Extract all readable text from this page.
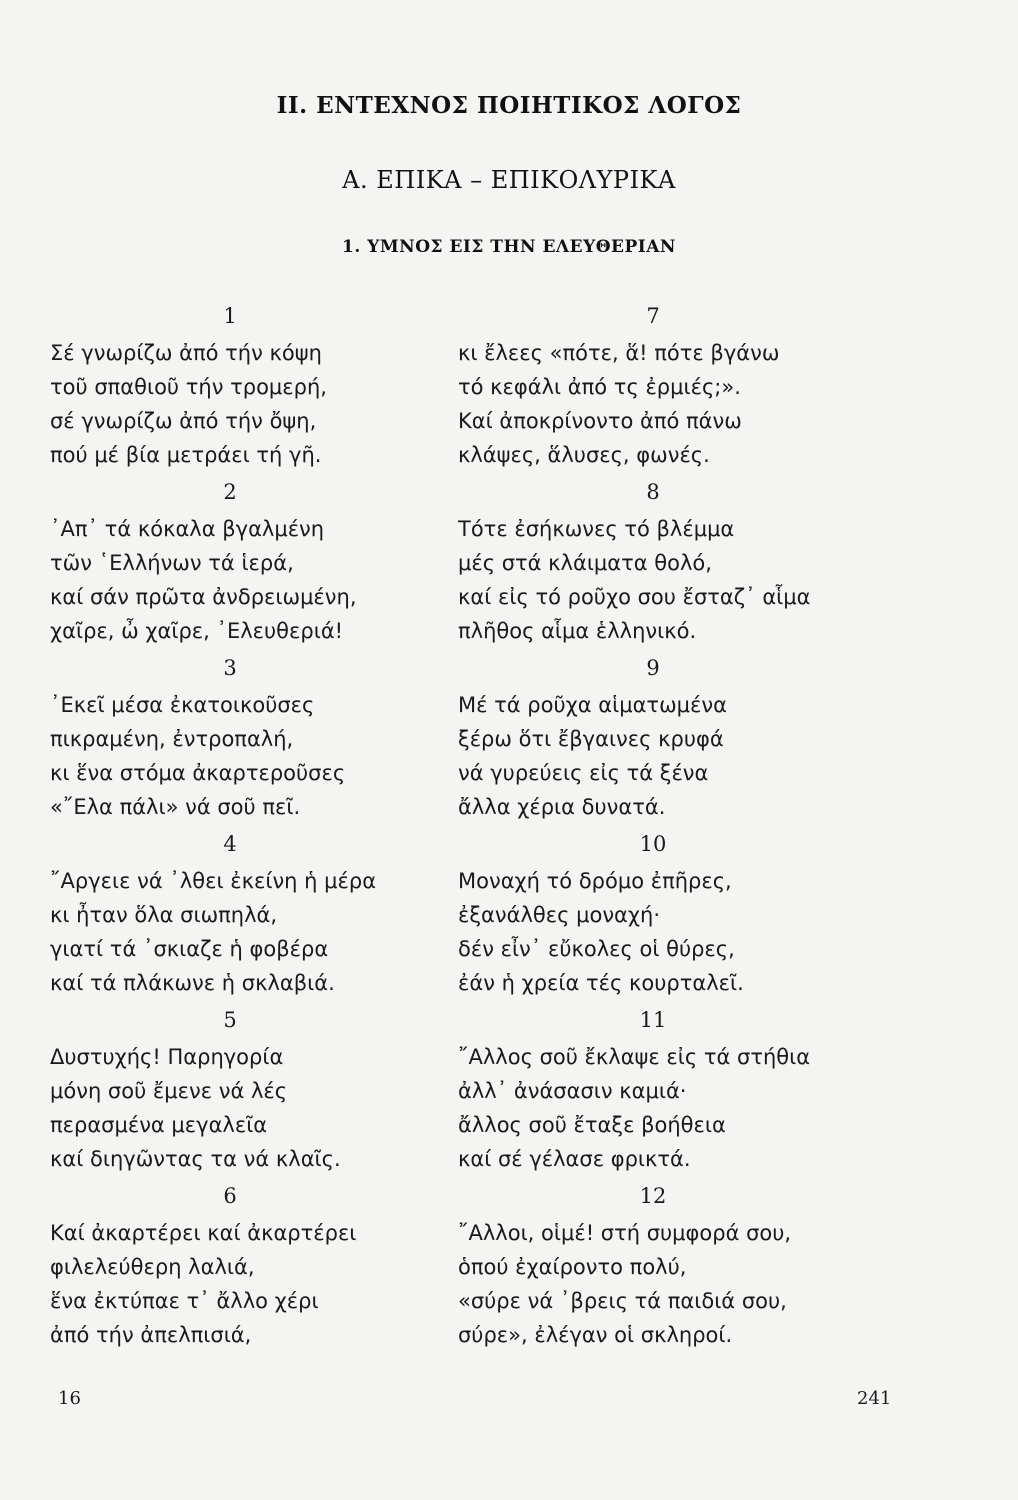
II. ΕΝΤΕΧΝΟΣ ΠΟΙΗΤΙΚΟΣ ΛΟΓΟΣ
Α. ΕΠΙΚΑ – ΕΠΙΚΟΛΥΡΙΚΑ
1. ΥΜΝΟΣ ΕΙΣ ΤΗΝ ΕΛΕΥΘΕΡΙΑΝ
1
Σέ γνωρίζω ἀπό τήν κόψη
τοῦ σπαθιοῦ τήν τρομερή,
σέ γνωρίζω ἀπό τήν ὄψη,
πού μέ βία μετράει τή γῆ.
2
᾿Απ᾿ τά κόκαλα βγαλμένη
τῶν ῾Ελλήνων τά ἱερά,
καί σάν πρῶτα ἀνδρειωμένη,
χαῖρε, ὦ χαῖρε, ᾿Ελευθεριά!
3
᾿Εκεῖ μέσα ἐκατοικοῦσες
πικραμένη, ἐντροπαλή,
κι ἕνα στόμα ἀκαρτεροῦσες
«῎Ελα πάλι» νά σοῦ πεῖ.
4
῎Αργειε νά ᾿λθει ἐκείνη ἡ μέρα
κι ἦταν ὅλα σιωπηλά,
γιατί τά ᾿σκιαζε ἡ φοβέρα
καί τά πλάκωνε ἡ σκλαβιά.
5
Δυστυχής! Παρηγορία
μόνη σοῦ ἔμενε νά λές
περασμένα μεγαλεῖα
καί διηγῶντας τα νά κλαῖς.
6
Καί ἀκαρτέρει καί ἀκαρτέρει
φιλελεύθερη λαλιά,
ἕνα ἐκτύπαε τ᾿ ἄλλο χέρι
ἀπό τήν ἀπελπισιά,
7
κι ἔλεες «πότε, ἅ! πότε βγάνω
τό κεφάλι ἀπό τς ἐρμιές;».
Καί ἀποκρίνοντο ἀπό πάνω
κλάψες, ἅλυσες, φωνές.
8
Τότε ἐσήκωνες τό βλέμμα
μές στά κλάιματα θολό,
καί εἰς τό ροῦχο σου ἔσταζ᾿ αἷμα
πλῆθος αἷμα ἑλληνικό.
9
Μέ τά ροῦχα αἱματωμένα
ξέρω ὅτι ἔβγαινες κρυφά
νά γυρεύεις εἰς τά ξένα
ἄλλα χέρια δυνατά.
10
Μοναχή τό δρόμο ἐπῆρες,
ἐξανάλθες μοναχή·
δέν εἶν᾿ εὔκολες οἱ θύρες,
ἐάν ἡ χρεία τές κουρταλεῖ.
11
῎Αλλος σοῦ ἔκλαψε εἰς τά στήθια
ἀλλ᾿ ἀνάσασιν καμιά·
ἄλλος σοῦ ἔταξε βοήθεια
καί σέ γέλασε φρικτά.
12
῎Αλλοι, οἱμέ! στή συμφορά σου,
ὁπού ἐχαίροντο πολύ,
«σύρε νά ᾿βρεις τά παιδιά σου,
σύρε», ἐλέγαν οἱ σκληροί.
16	241
